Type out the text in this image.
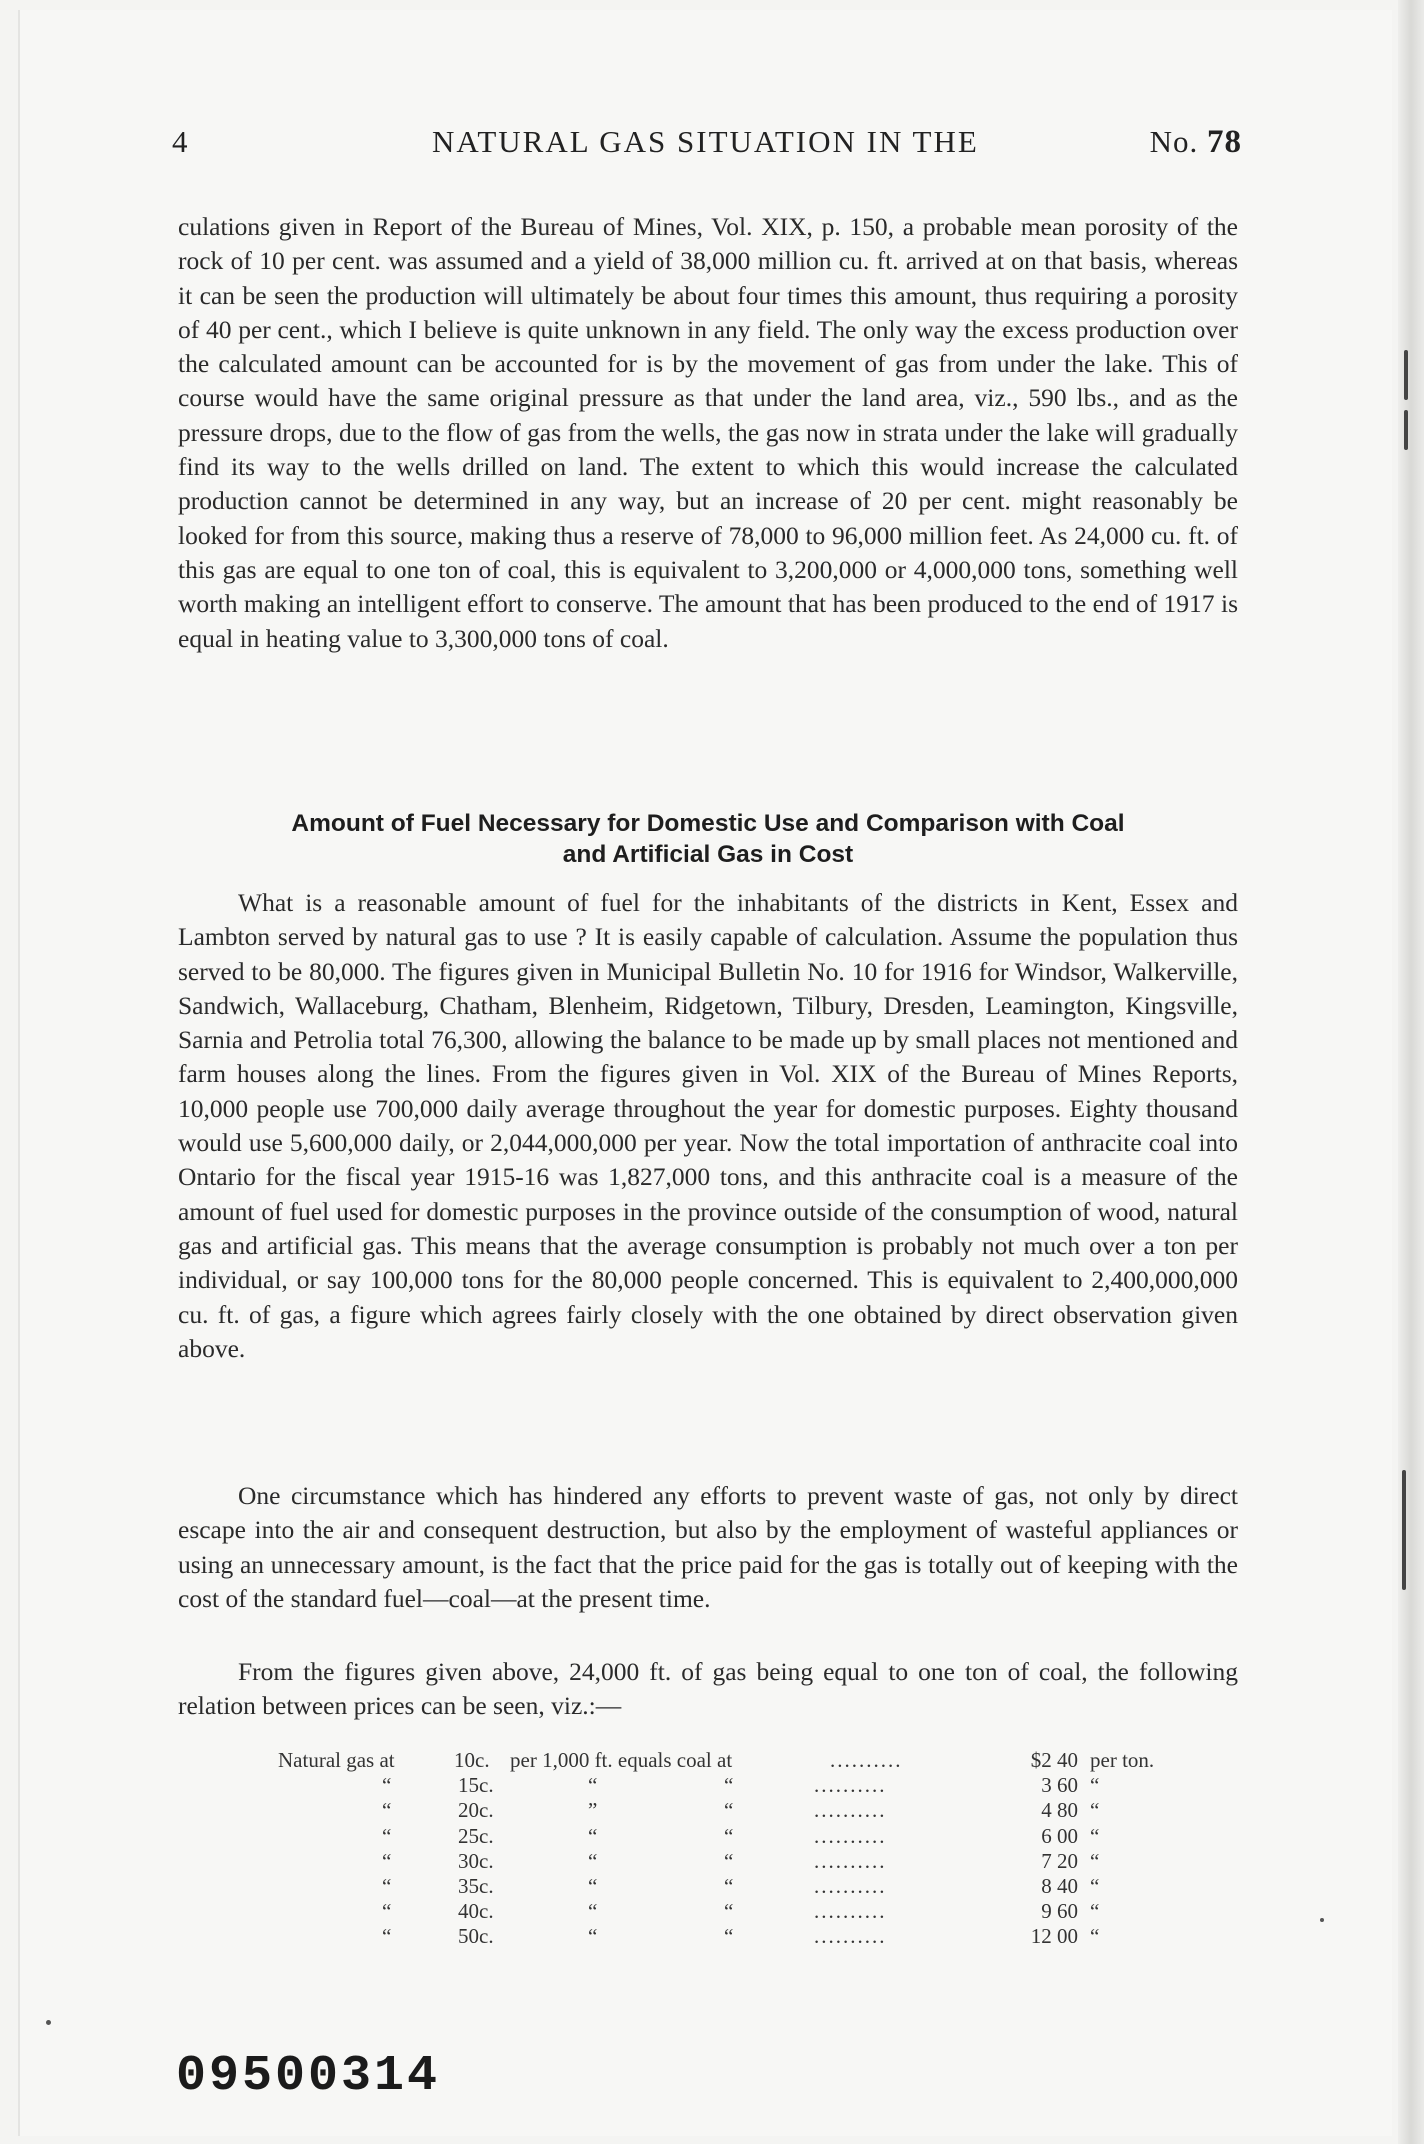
4	NATURAL GAS SITUATION IN THE	No. 78
culations given in Report of the Bureau of Mines, Vol. XIX, p. 150, a probable mean porosity of the rock of 10 per cent. was assumed and a yield of 38,000 million cu. ft. arrived at on that basis, whereas it can be seen the production will ultimately be about four times this amount, thus requiring a porosity of 40 per cent., which I believe is quite unknown in any field. The only way the excess production over the calculated amount can be accounted for is by the movement of gas from under the lake. This of course would have the same original pressure as that under the land area, viz., 590 lbs., and as the pressure drops, due to the flow of gas from the wells, the gas now in strata under the lake will gradually find its way to the wells drilled on land. The extent to which this would increase the calculated production cannot be determined in any way, but an increase of 20 per cent. might reasonably be looked for from this source, making thus a reserve of 78,000 to 96,000 million feet. As 24,000 cu. ft. of this gas are equal to one ton of coal, this is equivalent to 3,200,000 or 4,000,000 tons, something well worth making an intelligent effort to conserve. The amount that has been produced to the end of 1917 is equal in heating value to 3,300,000 tons of coal.
Amount of Fuel Necessary for Domestic Use and Comparison with Coal
and Artificial Gas in Cost
What is a reasonable amount of fuel for the inhabitants of the districts in Kent, Essex and Lambton served by natural gas to use ? It is easily capable of calculation. Assume the population thus served to be 80,000. The figures given in Municipal Bulletin No. 10 for 1916 for Windsor, Walkerville, Sandwich, Wallaceburg, Chatham, Blenheim, Ridgetown, Tilbury, Dresden, Leamington, Kingsville, Sarnia and Petrolia total 76,300, allowing the balance to be made up by small places not mentioned and farm houses along the lines. From the figures given in Vol. XIX of the Bureau of Mines Reports, 10,000 people use 700,000 daily average throughout the year for domestic purposes. Eighty thousand would use 5,600,000 daily, or 2,044,000,000 per year. Now the total importation of anthracite coal into Ontario for the fiscal year 1915-16 was 1,827,000 tons, and this anthracite coal is a measure of the amount of fuel used for domestic purposes in the province outside of the consumption of wood, natural gas and artificial gas. This means that the average consumption is probably not much over a ton per individual, or say 100,000 tons for the 80,000 people concerned. This is equivalent to 2,400,000,000 cu. ft. of gas, a figure which agrees fairly closely with the one obtained by direct observation given above.
One circumstance which has hindered any efforts to prevent waste of gas, not only by direct escape into the air and consequent destruction, but also by the employment of wasteful appliances or using an unnecessary amount, is the fact that the price paid for the gas is totally out of keeping with the cost of the standard fuel—coal—at the present time.
From the figures given above, 24,000 ft. of gas being equal to one ton of coal, the following relation between prices can be seen, viz.:—
Natural gas at	10c. per 1,000 ft. equals coal at	..........	$2 40 per ton.
“	15c.	“	“	..........	3 60 “
“	20c.	”	“	..........	4 80 “
“	25c.	“	“	..........	6 00 “
“	30c.	“	“	..........	7 20 “
“	35c.	“	“	..........	8 40 “
“	40c.	“	“	..........	9 60 “
“	50c.	“	“	..........	12 00 “
09500314
